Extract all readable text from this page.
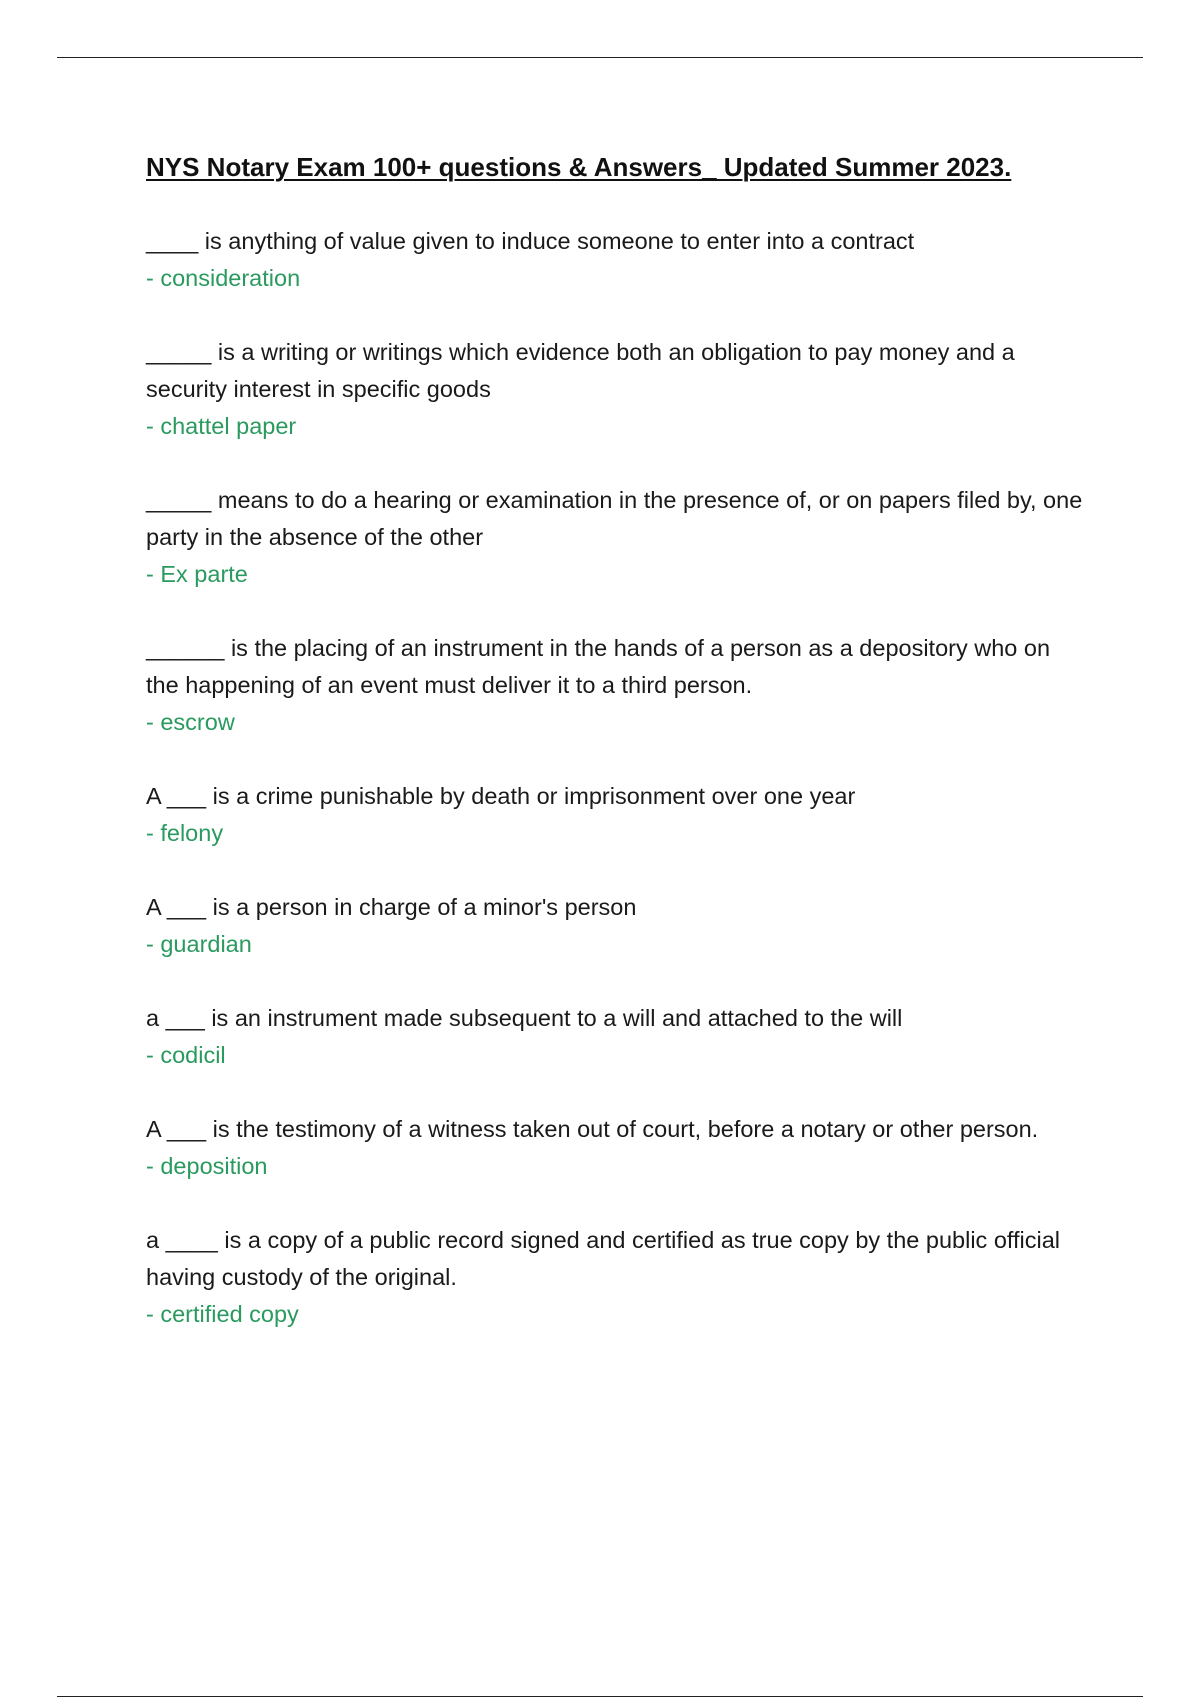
NYS Notary Exam 100+ questions & Answers_ Updated Summer 2023.

____ is anything of value given to induce someone to enter into a contract

- consideration

_____ is a writing or writings which evidence both an obligation to pay money and a security interest in specific goods

- chattel paper

_____ means to do a hearing or examination in the presence of, or on papers filed by, one party in the absence of the other

- Ex parte

______ is the placing of an instrument in the hands of a person as a depository who on the happening of an event must deliver it to a third person.

- escrow

A ___ is a crime punishable by death or imprisonment over one year

- felony

A ___ is a person in charge of a minor's person

- guardian

a ___ is an instrument made subsequent to a will and attached to the will

- codicil

A ___ is the testimony of a witness taken out of court, before a notary or other person.

- deposition

a ____ is a copy of a public record signed and certified as true copy by the public official having custody of the original.

- certified copy
